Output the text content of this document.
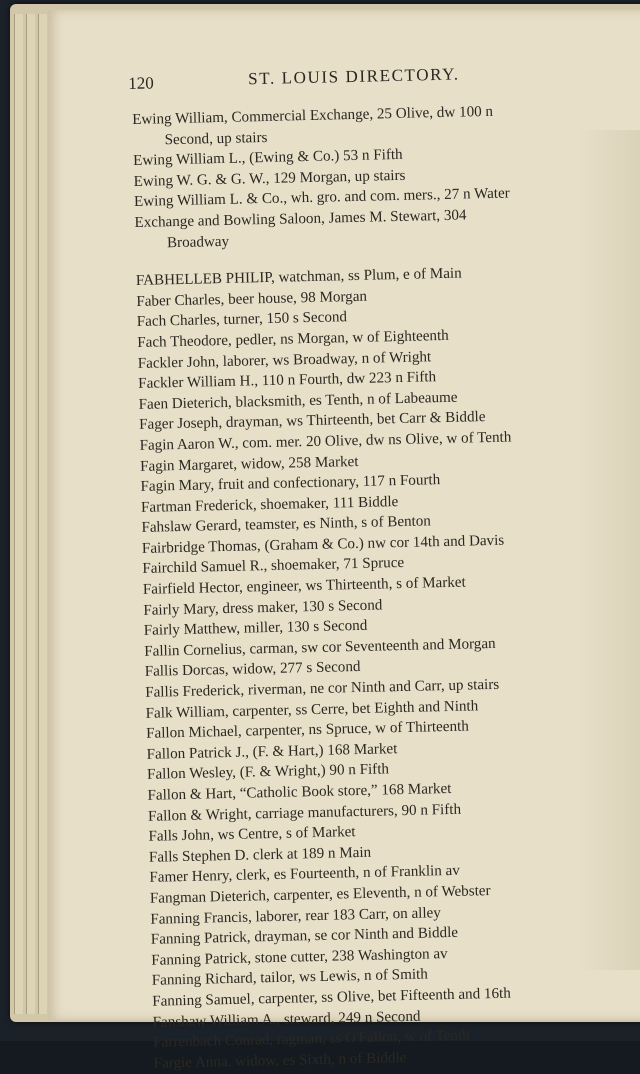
120	ST. LOUIS DIRECTORY.
Ewing William, Commercial Exchange, 25 Olive, dw 100 n
Second, up stairs
Ewing William L., (Ewing & Co.) 53 n Fifth
Ewing W. G. & G. W., 129 Morgan, up stairs
Ewing William L. & Co., wh. gro. and com. mers., 27 n Water
Exchange and Bowling Saloon, James M. Stewart, 304
Broadway
FABHELLEB PHILIP, watchman, ss Plum, e of Main
Faber Charles, beer house, 98 Morgan
Fach Charles, turner, 150 s Second
Fach Theodore, pedler, ns Morgan, w of Eighteenth
Fackler John, laborer, ws Broadway, n of Wright
Fackler William H., 110 n Fourth, dw 223 n Fifth
Faen Dieterich, blacksmith, es Tenth, n of Labeaume
Fager Joseph, drayman, ws Thirteenth, bet Carr & Biddle
Fagin Aaron W., com. mer. 20 Olive, dw ns Olive, w of Tenth
Fagin Margaret, widow, 258 Market
Fagin Mary, fruit and confectionary, 117 n Fourth
Fartman Frederick, shoemaker, 111 Biddle
Fahslaw Gerard, teamster, es Ninth, s of Benton
Fairbridge Thomas, (Graham & Co.) nw cor 14th and Davis
Fairchild Samuel R., shoemaker, 71 Spruce
Fairfield Hector, engineer, ws Thirteenth, s of Market
Fairly Mary, dress maker, 130 s Second
Fairly Matthew, miller, 130 s Second
Fallin Cornelius, carman, sw cor Seventeenth and Morgan
Fallis Dorcas, widow, 277 s Second
Fallis Frederick, riverman, ne cor Ninth and Carr, up stairs
Falk William, carpenter, ss Cerre, bet Eighth and Ninth
Fallon Michael, carpenter, ns Spruce, w of Thirteenth
Fallon Patrick J., (F. & Hart,) 168 Market
Fallon Wesley, (F. & Wright,) 90 n Fifth
Fallon & Hart, “Catholic Book store,” 168 Market
Fallon & Wright, carriage manufacturers, 90 n Fifth
Falls John, ws Centre, s of Market
Falls Stephen D. clerk at 189 n Main
Famer Henry, clerk, es Fourteenth, n of Franklin av
Fangman Dieterich, carpenter, es Eleventh, n of Webster
Fanning Francis, laborer, rear 183 Carr, on alley
Fanning Patrick, drayman, se cor Ninth and Biddle
Fanning Patrick, stone cutter, 238 Washington av
Fanning Richard, tailor, ws Lewis, n of Smith
Fanning Samuel, carpenter, ss Olive, bet Fifteenth and 16th
Fanshaw William A., steward, 249 n Second
Farrenbach Conrad, ragman, ss O'Fallon, w of Tenth
Fargie Anna. widow, es Sixth, n of Biddle
